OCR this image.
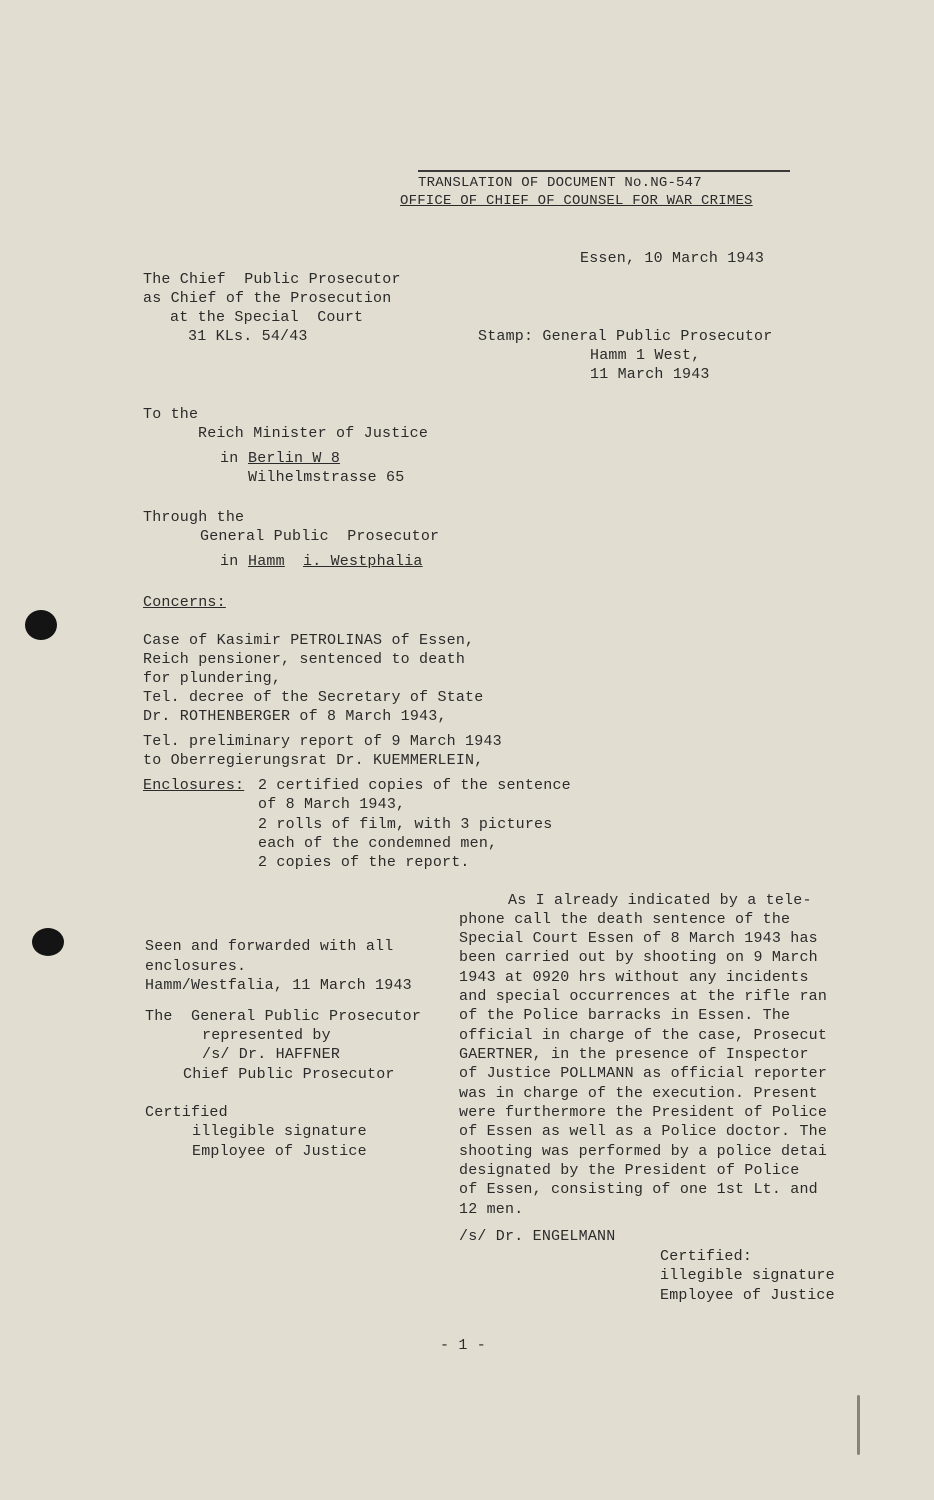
TRANSLATION OF DOCUMENT No.NG-547
OFFICE OF CHIEF OF COUNSEL FOR WAR CRIMES
Essen, 10 March 1943
The Chief  Public Prosecutor
as Chief of the Prosecution
at the Special  Court
31 KLs. 54/43	Stamp: General Public Prosecutor
Hamm 1 West,
11 March 1943
To the
Reich Minister of Justice
in Berlin W 8
Wilhelmstrasse 65
Through the
General Public  Prosecutor
in Hamm i. Westphalia
Concerns:
Case of Kasimir PETROLINAS of Essen,
Reich pensioner, sentenced to death
for plundering,
Tel. decree of the Secretary of State
Dr. ROTHENBERGER of 8 March 1943,
Tel. preliminary report of 9 March 1943
to Oberregierungsrat Dr. KUEMMERLEIN,
Enclosures: 2 certified copies of the sentence
of 8 March 1943,
2 rolls of film, with 3 pictures
each of the condemned men,
2 copies of the report.
Seen and forwarded with all
enclosures.
Hamm/Westfalia, 11 March 1943
The  General Public Prosecutor
represented by
/s/ Dr. HAFFNER
Chief Public Prosecutor
Certified
illegible signature
Employee of Justice
As I already indicated by a tele-
phone call the death sentence of the
Special Court Essen of 8 March 1943 has
been carried out by shooting on 9 March
1943 at 0920 hrs without any incidents
and special occurrences at the rifle ran
of the Police barracks in Essen. The
official in charge of the case, Prosecut
GAERTNER, in the presence of Inspector
of Justice POLLMANN as official reporter
was in charge of the execution. Present
were furthermore the President of Police
of Essen as well as a Police doctor. The
shooting was performed by a police detai
designated by the President of Police
of Essen, consisting of one 1st Lt. and
12 men.
/s/ Dr. ENGELMANN
Certified:
illegible signature
Employee of Justice
- 1 -
